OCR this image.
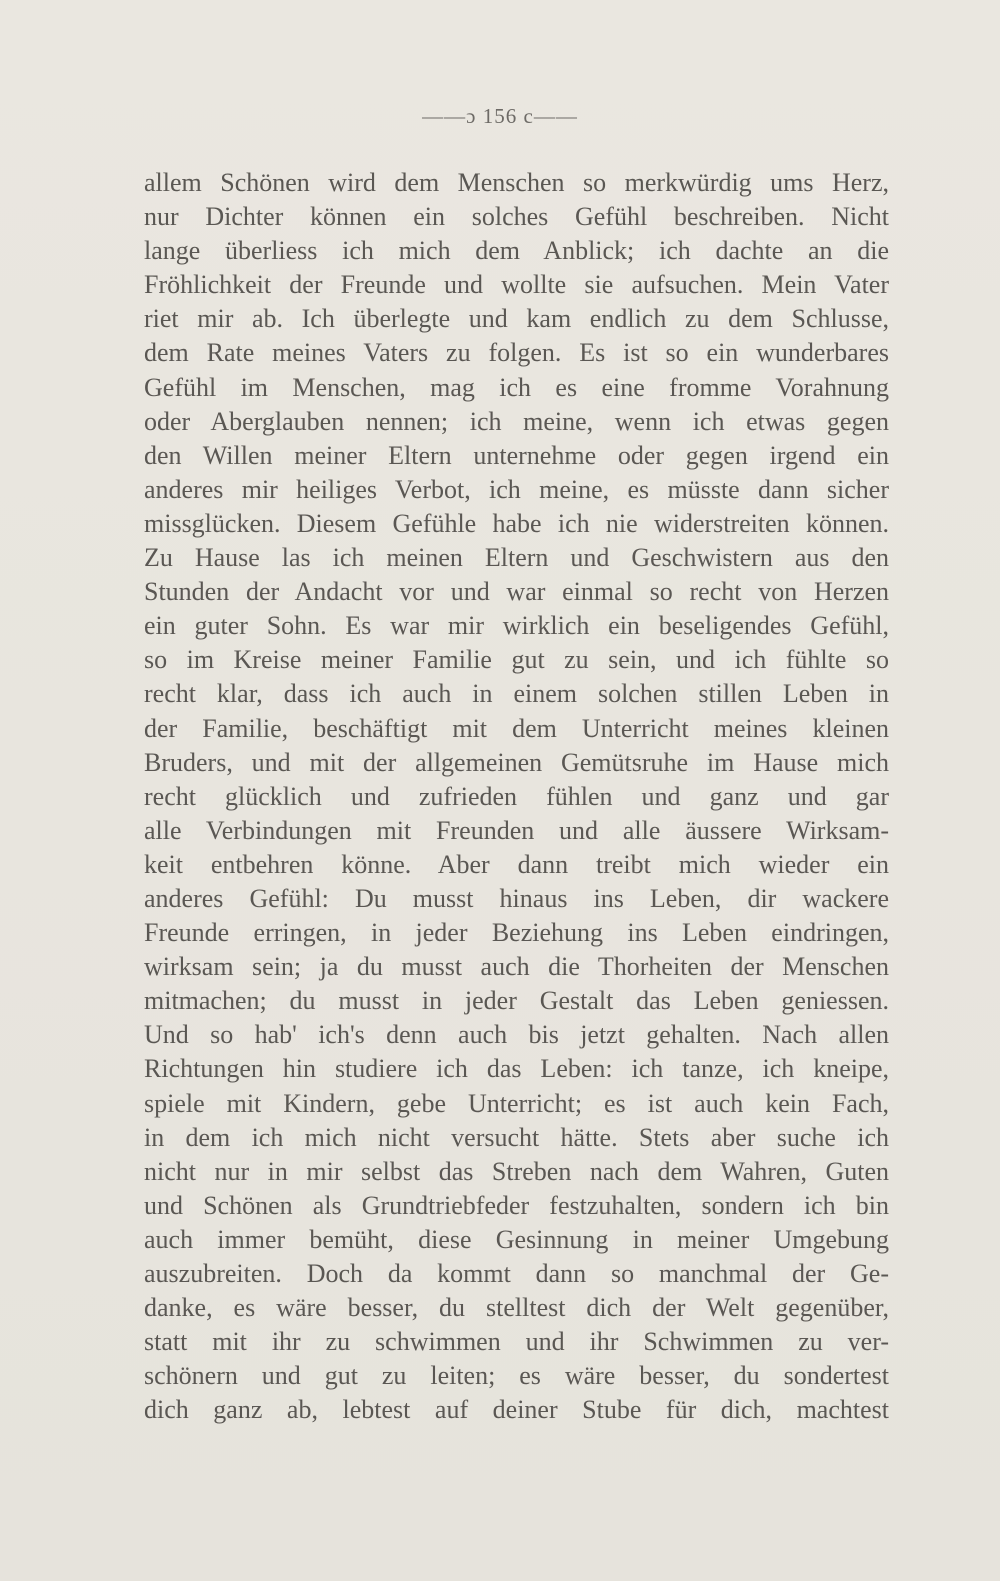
——ɔ 156 c——
allem Schönen wird dem Menschen so merkwürdig ums Herz,
nur Dichter können ein solches Gefühl beschreiben. Nicht
lange überliess ich mich dem Anblick; ich dachte an die
Fröhlichkeit der Freunde und wollte sie aufsuchen. Mein Vater
riet mir ab. Ich überlegte und kam endlich zu dem Schlusse,
dem Rate meines Vaters zu folgen. Es ist so ein wunderbares
Gefühl im Menschen, mag ich es eine fromme Vorahnung
oder Aberglauben nennen; ich meine, wenn ich etwas gegen
den Willen meiner Eltern unternehme oder gegen irgend ein
anderes mir heiliges Verbot, ich meine, es müsste dann sicher
missglücken. Diesem Gefühle habe ich nie widerstreiten können.
Zu Hause las ich meinen Eltern und Geschwistern aus den
Stunden der Andacht vor und war einmal so recht von Herzen
ein guter Sohn. Es war mir wirklich ein beseligendes Gefühl,
so im Kreise meiner Familie gut zu sein, und ich fühlte so
recht klar, dass ich auch in einem solchen stillen Leben in
der Familie, beschäftigt mit dem Unterricht meines kleinen
Bruders, und mit der allgemeinen Gemütsruhe im Hause mich
recht glücklich und zufrieden fühlen und ganz und gar
alle Verbindungen mit Freunden und alle äussere Wirksam-
keit entbehren könne. Aber dann treibt mich wieder ein
anderes Gefühl: Du musst hinaus ins Leben, dir wackere
Freunde erringen, in jeder Beziehung ins Leben eindringen,
wirksam sein; ja du musst auch die Thorheiten der Menschen
mitmachen; du musst in jeder Gestalt das Leben geniessen.
Und so hab' ich's denn auch bis jetzt gehalten. Nach allen
Richtungen hin studiere ich das Leben: ich tanze, ich kneipe,
spiele mit Kindern, gebe Unterricht; es ist auch kein Fach,
in dem ich mich nicht versucht hätte. Stets aber suche ich
nicht nur in mir selbst das Streben nach dem Wahren, Guten
und Schönen als Grundtriebfeder festzuhalten, sondern ich bin
auch immer bemüht, diese Gesinnung in meiner Umgebung
auszubreiten. Doch da kommt dann so manchmal der Ge-
danke, es wäre besser, du stelltest dich der Welt gegenüber,
statt mit ihr zu schwimmen und ihr Schwimmen zu ver-
schönern und gut zu leiten; es wäre besser, du sondertest
dich ganz ab, lebtest auf deiner Stube für dich, machtest
